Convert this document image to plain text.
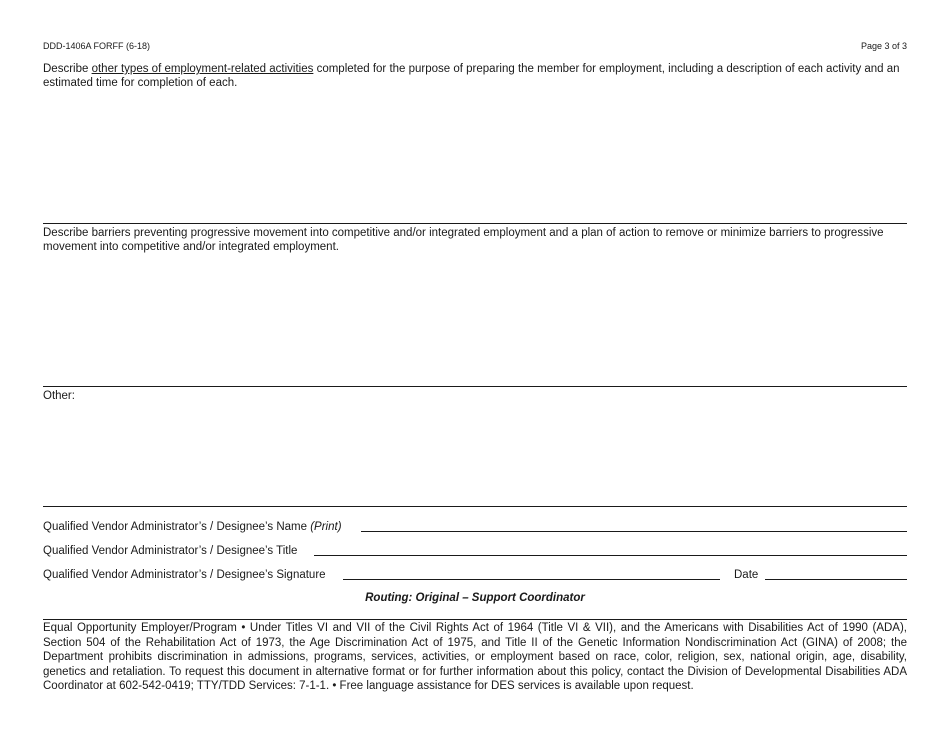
DDD-1406A FORFF (6-18)	Page 3 of 3
Describe other types of employment-related activities completed for the purpose of preparing the member for employment, including a description of each activity and an estimated time for completion of each.
Describe barriers preventing progressive movement into competitive and/or integrated employment and a plan of action to remove or minimize barriers to progressive movement into competitive and/or integrated employment.
Other:
Qualified Vendor Administrator’s / Designee’s Name (Print)
Qualified Vendor Administrator’s / Designee’s Title
Qualified Vendor Administrator’s / Designee’s Signature	Date
Routing: Original – Support Coordinator
Equal Opportunity Employer/Program • Under Titles VI and VII of the Civil Rights Act of 1964 (Title VI & VII), and the Americans with Disabilities Act of 1990 (ADA), Section 504 of the Rehabilitation Act of 1973, the Age Discrimination Act of 1975, and Title II of the Genetic Information Nondiscrimination Act (GINA) of 2008; the Department prohibits discrimination in admissions, programs, services, activities, or employment based on race, color, religion, sex, national origin, age, disability, genetics and retaliation. To request this document in alternative format or for further information about this policy, contact the Division of Developmental Disabilities ADA Coordinator at 602-542-0419; TTY/TDD Services: 7-1-1. • Free language assistance for DES services is available upon request.
